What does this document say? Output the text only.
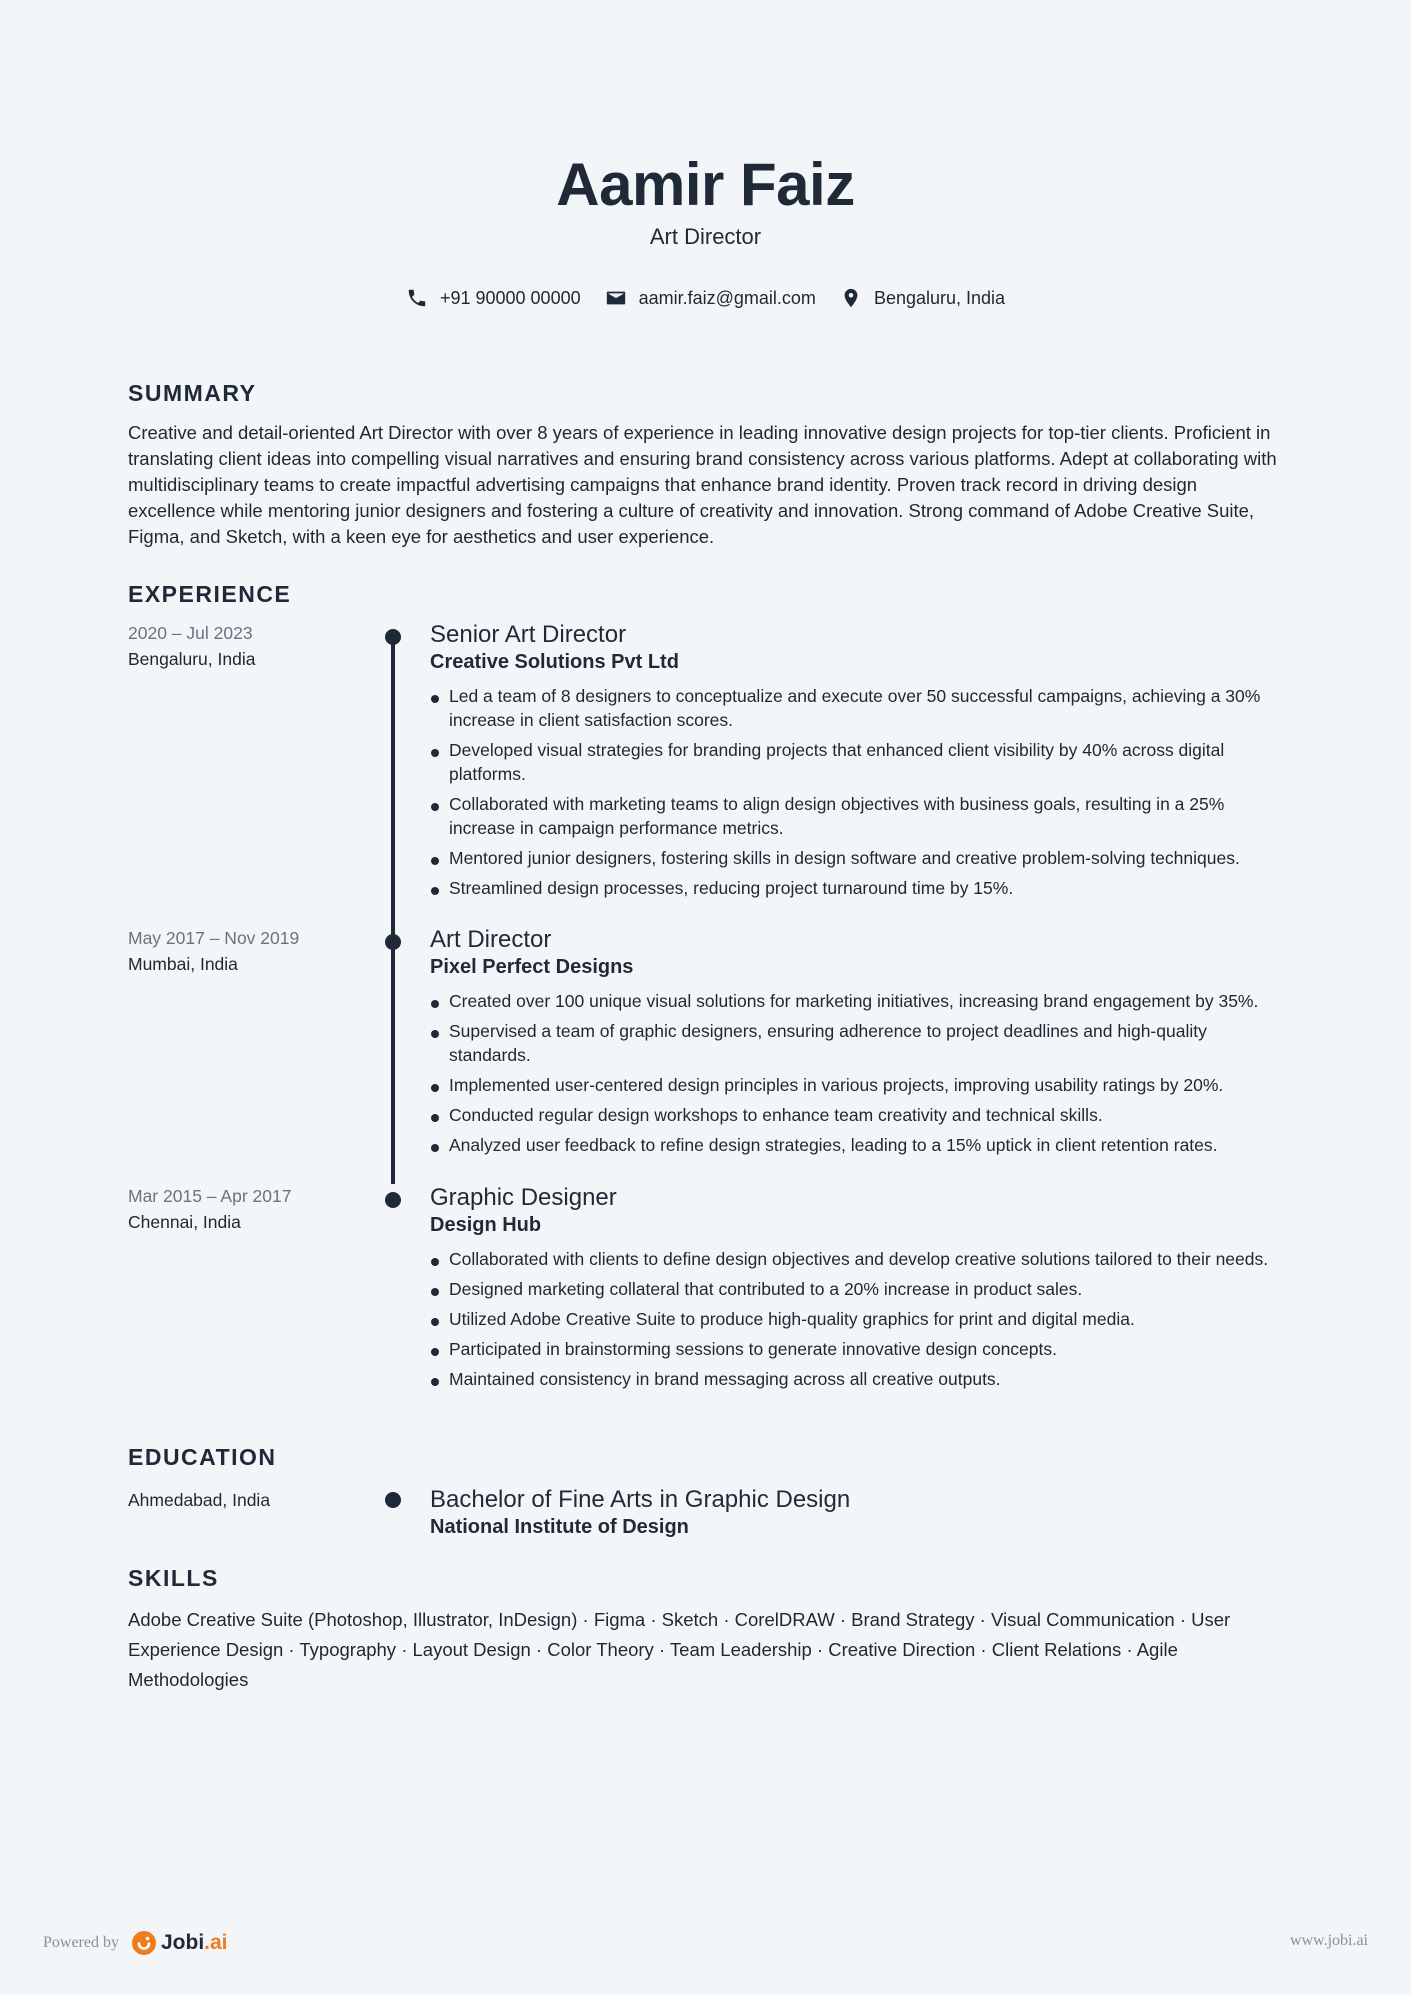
Aamir Faiz
Art Director
+91 90000 00000	aamir.faiz@gmail.com	Bengaluru, India
SUMMARY
Creative and detail-oriented Art Director with over 8 years of experience in leading innovative design projects for top-tier clients. Proficient in translating client ideas into compelling visual narratives and ensuring brand consistency across various platforms. Adept at collaborating with multidisciplinary teams to create impactful advertising campaigns that enhance brand identity. Proven track record in driving design excellence while mentoring junior designers and fostering a culture of creativity and innovation. Strong command of Adobe Creative Suite, Figma, and Sketch, with a keen eye for aesthetics and user experience.
EXPERIENCE
2020 – Jul 2023
Bengaluru, India
Senior Art Director
Creative Solutions Pvt Ltd
Led a team of 8 designers to conceptualize and execute over 50 successful campaigns, achieving a 30% increase in client satisfaction scores.
Developed visual strategies for branding projects that enhanced client visibility by 40% across digital platforms.
Collaborated with marketing teams to align design objectives with business goals, resulting in a 25% increase in campaign performance metrics.
Mentored junior designers, fostering skills in design software and creative problem-solving techniques.
Streamlined design processes, reducing project turnaround time by 15%.
May 2017 – Nov 2019
Mumbai, India
Art Director
Pixel Perfect Designs
Created over 100 unique visual solutions for marketing initiatives, increasing brand engagement by 35%.
Supervised a team of graphic designers, ensuring adherence to project deadlines and high-quality standards.
Implemented user-centered design principles in various projects, improving usability ratings by 20%.
Conducted regular design workshops to enhance team creativity and technical skills.
Analyzed user feedback to refine design strategies, leading to a 15% uptick in client retention rates.
Mar 2015 – Apr 2017
Chennai, India
Graphic Designer
Design Hub
Collaborated with clients to define design objectives and develop creative solutions tailored to their needs.
Designed marketing collateral that contributed to a 20% increase in product sales.
Utilized Adobe Creative Suite to produce high-quality graphics for print and digital media.
Participated in brainstorming sessions to generate innovative design concepts.
Maintained consistency in brand messaging across all creative outputs.
EDUCATION
Ahmedabad, India	Bachelor of Fine Arts in Graphic Design
National Institute of Design
SKILLS
Adobe Creative Suite (Photoshop, Illustrator, InDesign) · Figma · Sketch · CorelDRAW · Brand Strategy · Visual Communication · User Experience Design · Typography · Layout Design · Color Theory · Team Leadership · Creative Direction · Client Relations · Agile Methodologies
Powered by Jobi.ai	www.jobi.ai
